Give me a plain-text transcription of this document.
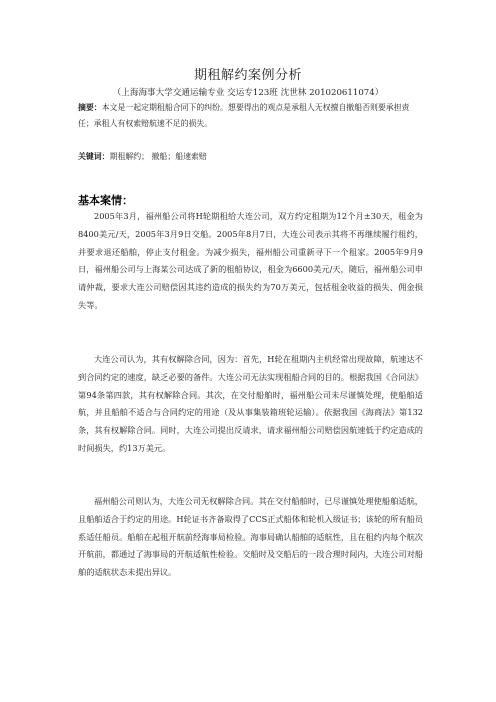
期租解约案例分析
（上海海事大学交通运输专业 交运专123班 沈世林 201020611074）
摘要：本文是一起定期租船合同下的纠纷。想要得出的观点是承租人无权擅自撤船否则要承担责任；承租人有权索赔航速不足的损失。
关键词：期租解约； 撤船；船速索赔
基本案情：

2005年3月，福州船公司将H轮期租给大连公司，双方约定租期为12个月±30天，租金为8400美元/天，2005年3月9日交船。2005年8月7日，大连公司表示其将不再继续履行租约，并要求退还船舶，停止支付租金。为减少损失，福州船公司重新寻下一个租家。2005年9月9日，福州船公司与上海某公司达成了新的租船协议，租金为6600美元/天，随后，福州船公司申请仲裁，要求大连公司赔偿因其违约造成的损失约为70万美元，包括租金收益的损失、佣金损失等。

大连公司认为，其有权解除合同，因为：首先，H轮在租期内主机经常出现故障，航速达不到合同约定的速度，缺乏必要的备件。大连公司无法实现租船合同的目的。根据我国《合同法》第94条第四款，其有权解除合同。其次，在交付船舶时，福州船公司未尽谨慎处理，使船舶适航，并且船舶不适合与合同约定的用途（及从事集装箱班轮运输）。依据我国《海商法》第132条，其有权解除合同。同时，大连公司提出反请求，请求福州船公司赔偿因航速低于约定造成的时间损失，约13万美元。

福州船公司则认为，大连公司无权解除合同。其在交付船舶时，已尽谨慎处理使船舶适航，且船舶适合于约定的用途。H轮证书齐备取得了CCS正式船体和轮机入级证书；该轮的所有船员系适任船员。船舶在起租开航前经海事局检验。海事局确认船舶的适航性，且在租约内每个航次开航前，都通过了海事局的开航适航性检验。交船时及交船后的一段合理时间内，大连公司对船舶的适航状态未提出异议。
